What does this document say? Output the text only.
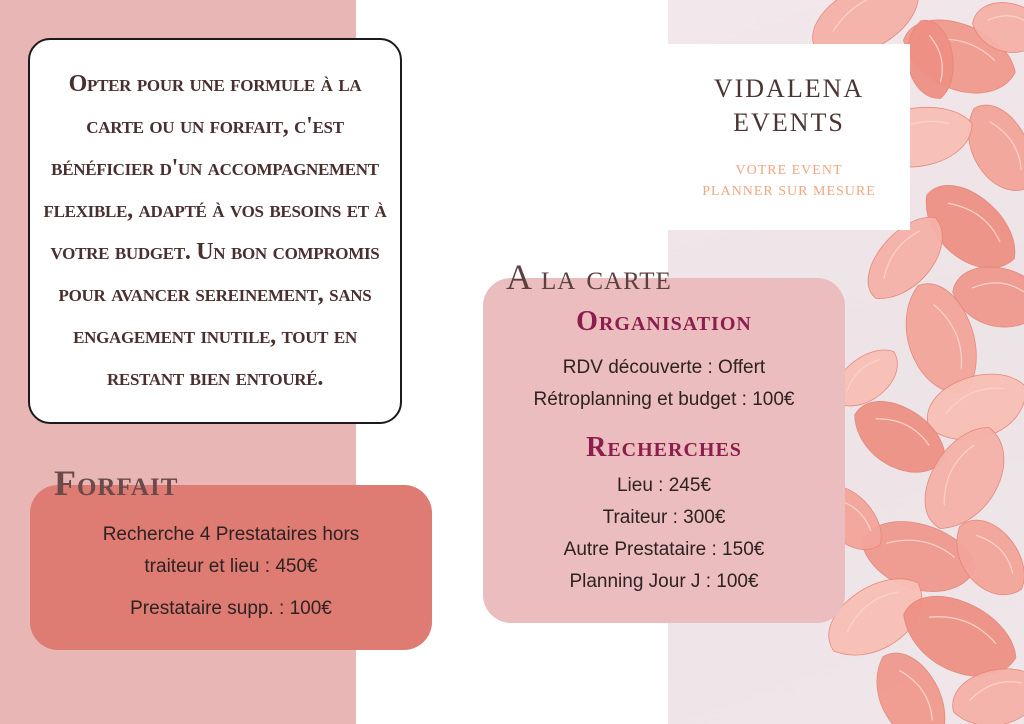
Opter pour une formule à la carte ou un forfait, c'est bénéficier d'un accompagnement flexible, adapté à vos besoins et à votre budget. Un bon compromis pour avancer sereinement, sans engagement inutile, tout en restant bien entouré.

Forfait

Recherche 4 Prestataires hors

traiteur et lieu : 450€

Prestataire supp. : 100€

VIDALENA
EVENTS

VOTRE EVENT
PLANNER SUR MESURE

A la carte

Organisation

RDV découverte : Offert

Rétroplanning et budget : 100€

Recherches

Lieu : 245€

Traiteur : 300€

Autre Prestataire : 150€

Planning Jour J : 100€
